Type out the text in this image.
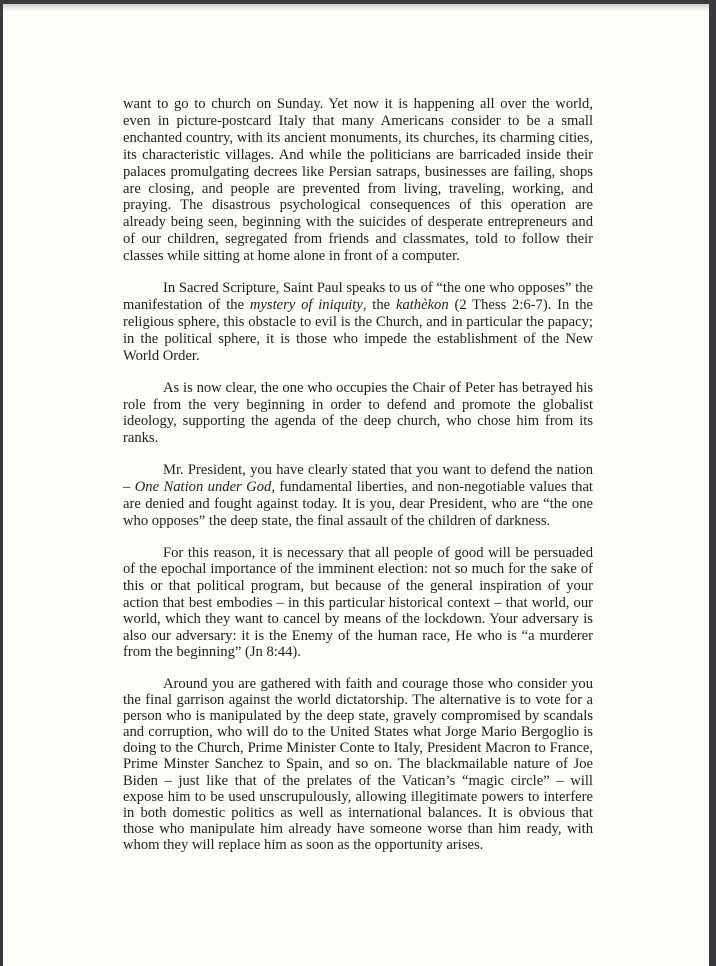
want to go to church on Sunday. Yet now it is happening all over the world, even in picture-postcard Italy that many Americans consider to be a small enchanted country, with its ancient monuments, its churches, its charming cities, its characteristic villages. And while the politicians are barricaded inside their palaces promulgating decrees like Persian satraps, businesses are failing, shops are closing, and people are prevented from living, traveling, working, and praying. The disastrous psychological consequences of this operation are already being seen, beginning with the suicides of desperate entrepreneurs and of our children, segregated from friends and classmates, told to follow their classes while sitting at home alone in front of a computer.

In Sacred Scripture, Saint Paul speaks to us of “the one who opposes” the manifestation of the mystery of iniquity, the kathèkon (2 Thess 2:6-7). In the religious sphere, this obstacle to evil is the Church, and in particular the papacy; in the political sphere, it is those who impede the establishment of the New World Order.

As is now clear, the one who occupies the Chair of Peter has betrayed his role from the very beginning in order to defend and promote the globalist ideology, supporting the agenda of the deep church, who chose him from its ranks.

Mr. President, you have clearly stated that you want to defend the nation – One Nation under God, fundamental liberties, and non-negotiable values that are denied and fought against today. It is you, dear President, who are “the one who opposes” the deep state, the final assault of the children of darkness.

For this reason, it is necessary that all people of good will be persuaded of the epochal importance of the imminent election: not so much for the sake of this or that political program, but because of the general inspiration of your action that best embodies – in this particular historical context – that world, our world, which they want to cancel by means of the lockdown. Your adversary is also our adversary: it is the Enemy of the human race, He who is “a murderer from the beginning” (Jn 8:44).

Around you are gathered with faith and courage those who consider you the final garrison against the world dictatorship. The alternative is to vote for a person who is manipulated by the deep state, gravely compromised by scandals and corruption, who will do to the United States what Jorge Mario Bergoglio is doing to the Church, Prime Minister Conte to Italy, President Macron to France, Prime Minster Sanchez to Spain, and so on. The blackmailable nature of Joe Biden – just like that of the prelates of the Vatican’s “magic circle” – will expose him to be used unscrupulously, allowing illegitimate powers to interfere in both domestic politics as well as international balances. It is obvious that those who manipulate him already have someone worse than him ready, with whom they will replace him as soon as the opportunity arises.
